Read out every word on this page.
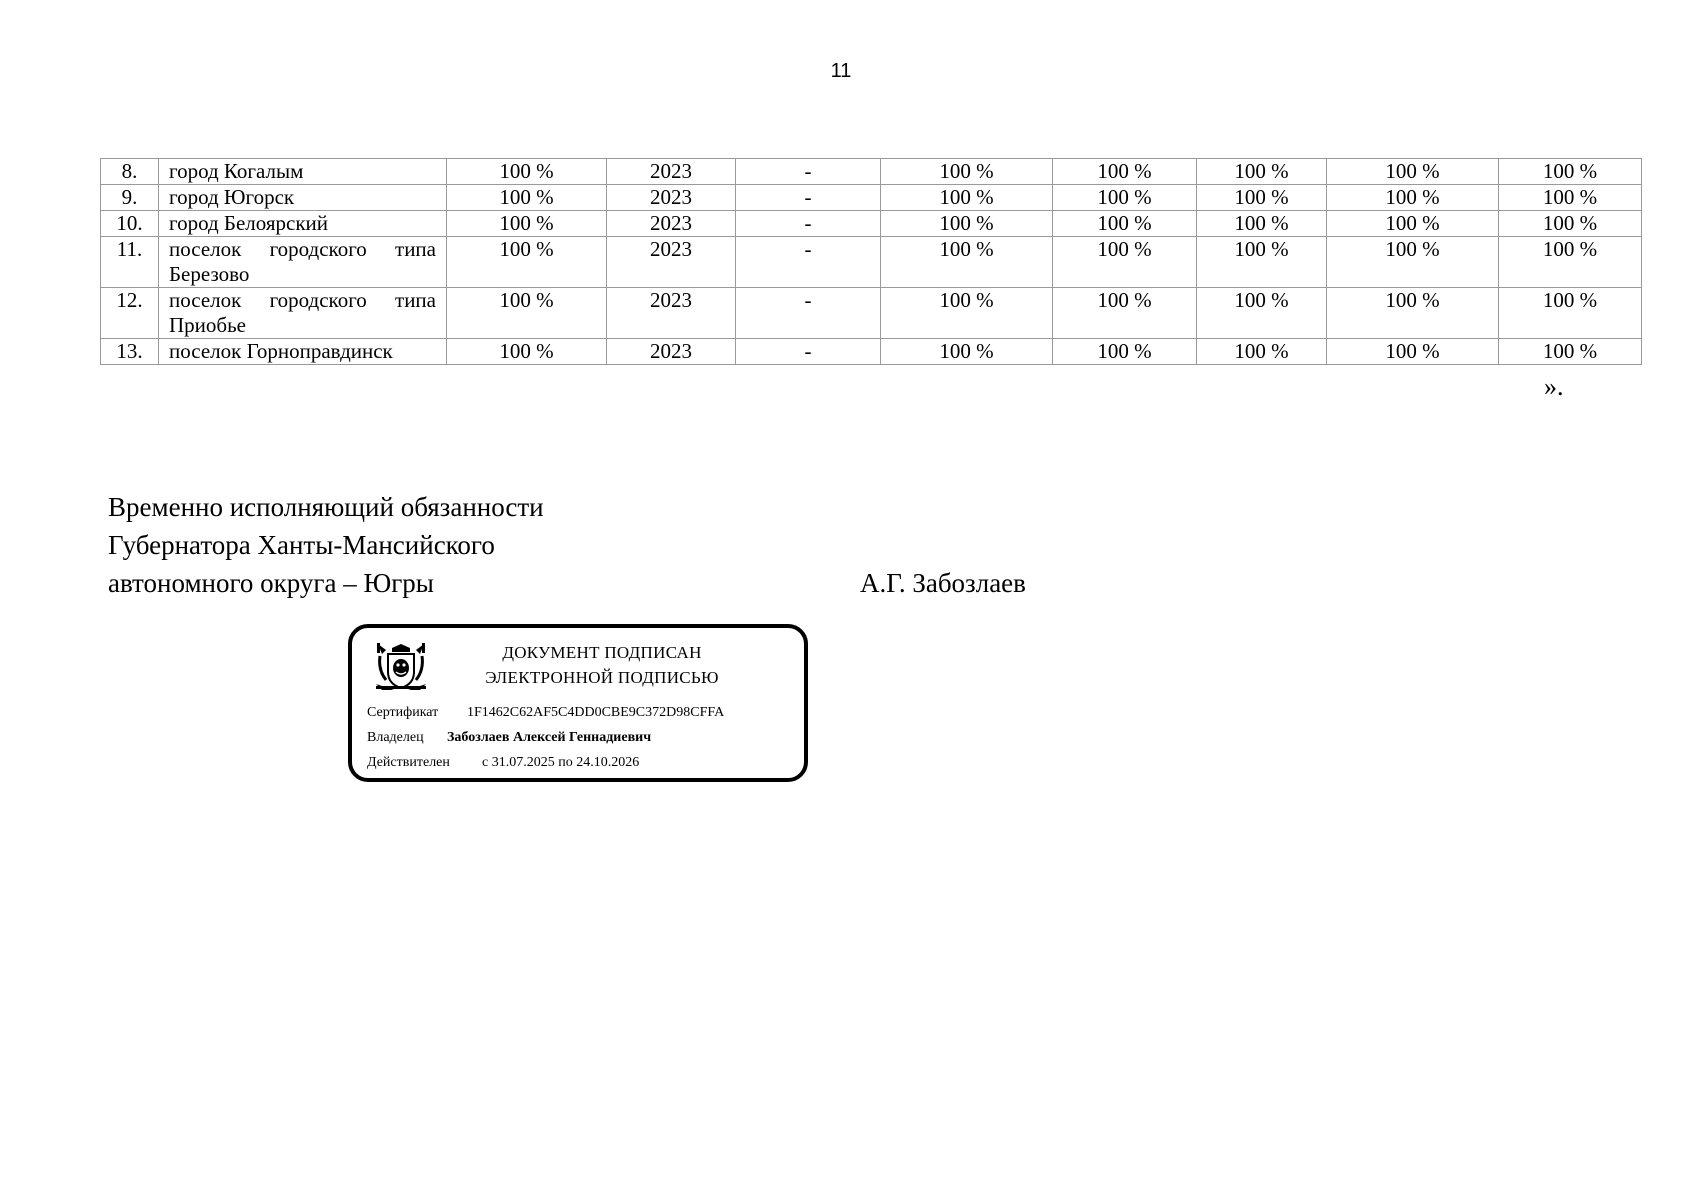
11
8.	город Когалым	100 %	2023	-	100 %	100 %	100 %	100 %	100 %
9.	город Югорск	100 %	2023	-	100 %	100 %	100 %	100 %	100 %
10.	город Белоярский	100 %	2023	-	100 %	100 %	100 %	100 %	100 %
11.	поселок городского типа Березово	100 %	2023	-	100 %	100 %	100 %	100 %	100 %
12.	поселок городского типа Приобье	100 %	2023	-	100 %	100 %	100 %	100 %	100 %
13.	поселок Горноправдинск	100 %	2023	-	100 %	100 %	100 %	100 %	100 %
».
Временно исполняющий обязанности
Губернатора Ханты-Мансийского
автономного округа – Югры	А.Г. Забозлаев
ДОКУМЕНТ ПОДПИСАН
ЭЛЕКТРОННОЙ ПОДПИСЬЮ
Сертификат 1F1462C62AF5C4DD0CBE9C372D98CFFA
Владелец Забозлаев Алексей Геннадиевич
Действителен с 31.07.2025 по 24.10.2026
